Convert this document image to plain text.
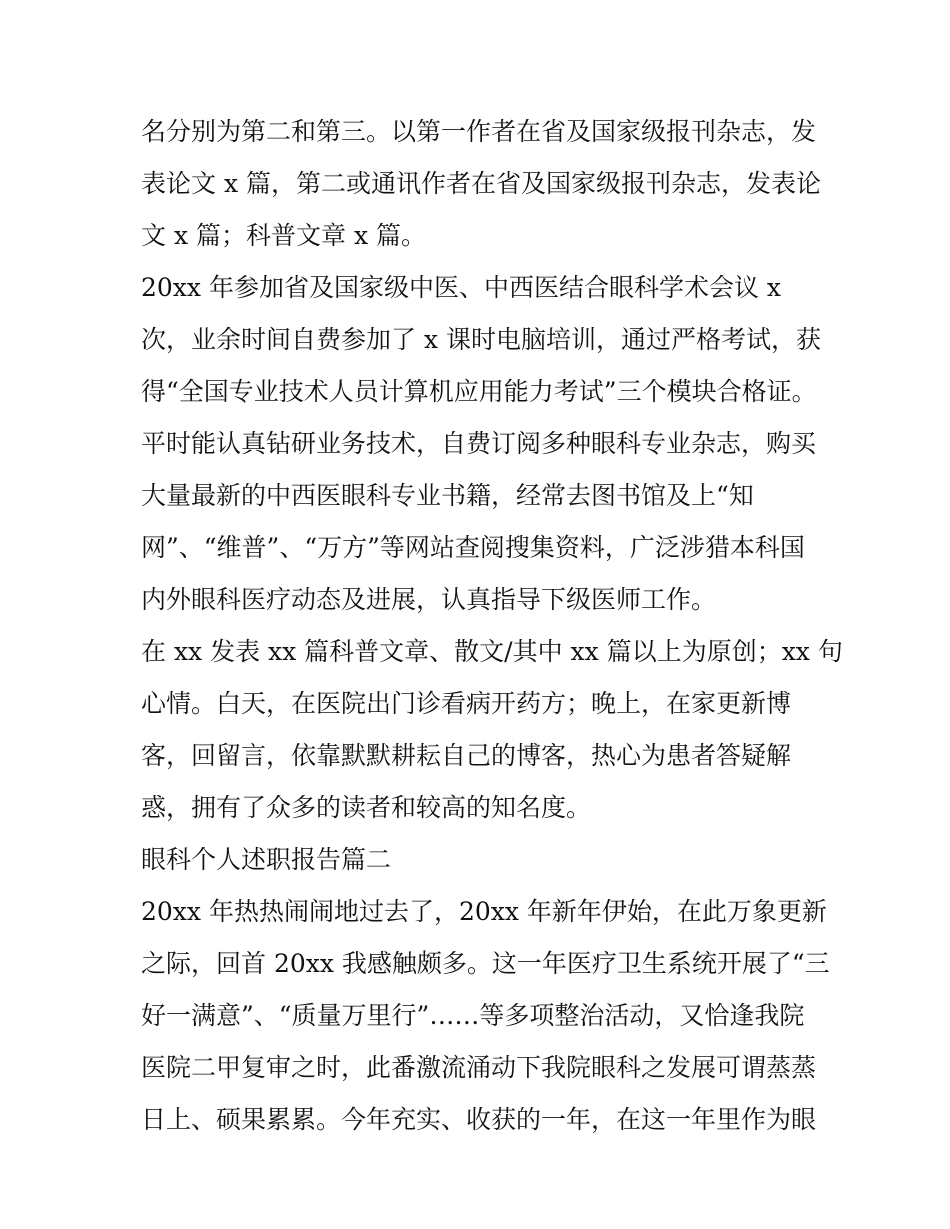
名分别为第二和第三。以第一作者在省及国家级报刊杂志，发
表论文 x 篇，第二或通讯作者在省及国家级报刊杂志，发表论
文 x 篇；科普文章 x 篇。
20xx 年参加省及国家级中医、中西医结合眼科学术会议 x
次，业余时间自费参加了 x 课时电脑培训，通过严格考试，获
得“全国专业技术人员计算机应用能力考试”三个模块合格证。
平时能认真钻研业务技术，自费订阅多种眼科专业杂志，购买
大量最新的中西医眼科专业书籍，经常去图书馆及上“知
网”、“维普”、“万方”等网站查阅搜集资料，广泛涉猎本科国
内外眼科医疗动态及进展，认真指导下级医师工作。
在 xx 发表 xx 篇科普文章、散文/其中 xx 篇以上为原创；xx 句
心情。白天，在医院出门诊看病开药方；晚上，在家更新博
客，回留言，依靠默默耕耘自己的博客，热心为患者答疑解
惑，拥有了众多的读者和较高的知名度。
眼科个人述职报告篇二
20xx 年热热闹闹地过去了，20xx 年新年伊始，在此万象更新
之际，回首 20xx 我感触颇多。这一年医疗卫生系统开展了“三
好一满意”、“质量万里行”……等多项整治活动，又恰逢我院
医院二甲复审之时，此番激流涌动下我院眼科之发展可谓蒸蒸
日上、硕果累累。今年充实、收获的一年，在这一年里作为眼
